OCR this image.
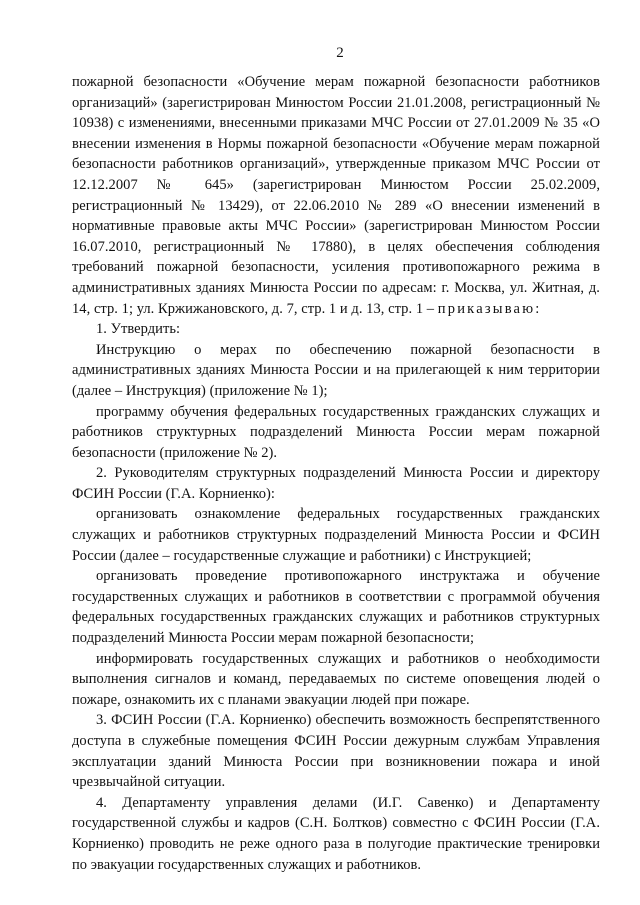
2

пожарной безопасности «Обучение мерам пожарной безопасности работников организаций» (зарегистрирован Минюстом России 21.01.2008, регистрационный № 10938) с изменениями, внесенными приказами МЧС России от 27.01.2009 № 35 «О внесении изменения в Нормы пожарной безопасности «Обучение мерам пожарной безопасности работников организаций», утвержденные приказом МЧС России от 12.12.2007 № 645» (зарегистрирован Минюстом России 25.02.2009, регистрационный № 13429), от 22.06.2010 № 289 «О внесении изменений в нормативные правовые акты МЧС России» (зарегистрирован Минюстом России 16.07.2010, регистрационный № 17880), в целях обеспечения соблюдения требований пожарной безопасности, усиления противопожарного режима в административных зданиях Минюста России по адресам: г. Москва, ул. Житная, д. 14, стр. 1; ул. Кржижановского, д. 7, стр. 1 и д. 13, стр. 1 – приказываю:

1. Утвердить:

Инструкцию о мерах по обеспечению пожарной безопасности в административных зданиях Минюста России и на прилегающей к ним территории (далее – Инструкция) (приложение № 1);

программу обучения федеральных государственных гражданских служащих и работников структурных подразделений Минюста России мерам пожарной безопасности (приложение № 2).

2. Руководителям структурных подразделений Минюста России и директору ФСИН России (Г.А. Корниенко):

организовать ознакомление федеральных государственных гражданских служащих и работников структурных подразделений Минюста России и ФСИН России (далее – государственные служащие и работники) с Инструкцией;

организовать проведение противопожарного инструктажа и обучение государственных служащих и работников в соответствии с программой обучения федеральных государственных гражданских служащих и работников структурных подразделений Минюста России мерам пожарной безопасности;

информировать государственных служащих и работников о необходимости выполнения сигналов и команд, передаваемых по системе оповещения людей о пожаре, ознакомить их с планами эвакуации людей при пожаре.

3. ФСИН России (Г.А. Корниенко) обеспечить возможность беспрепятственного доступа в служебные помещения ФСИН России дежурным службам Управления эксплуатации зданий Минюста России при возникновении пожара и иной чрезвычайной ситуации.

4. Департаменту управления делами (И.Г. Савенко) и Департаменту государственной службы и кадров (С.Н. Болтков) совместно с ФСИН России (Г.А. Корниенко) проводить не реже одного раза в полугодие практические тренировки по эвакуации государственных служащих и работников.
